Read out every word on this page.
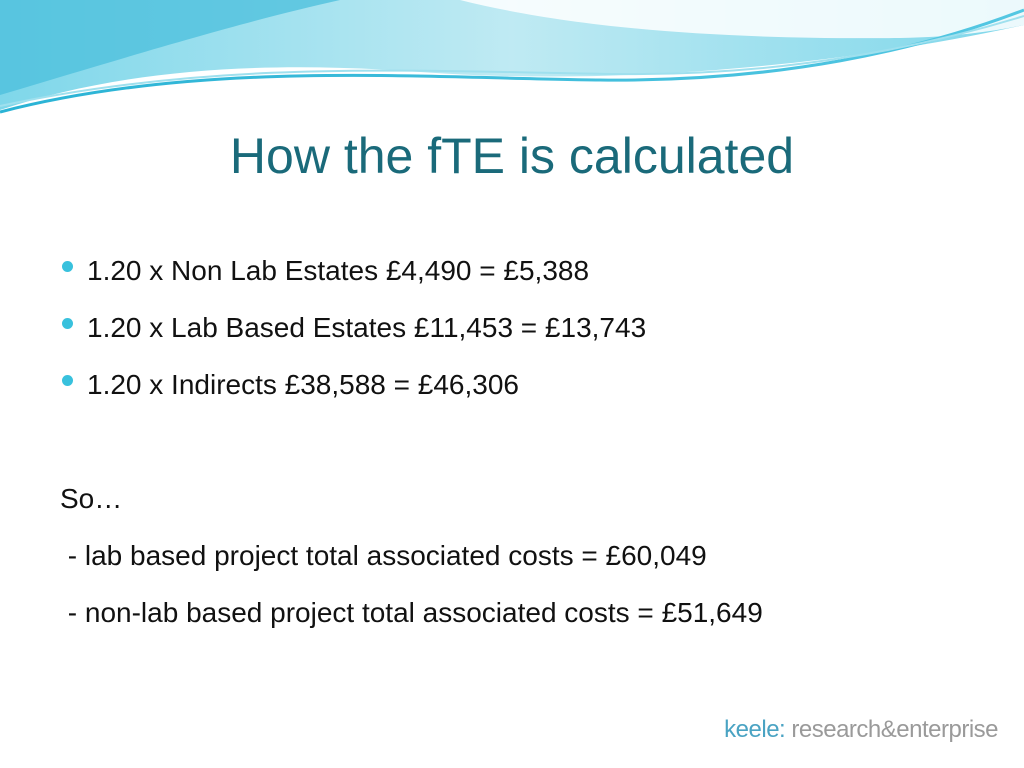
How the fTE is calculated
1.20 x Non Lab Estates £4,490 = £5,388
1.20 x Lab Based Estates £11,453 = £13,743
1.20 x Indirects £38,588 = £46,306
So…
- lab based project total associated costs = £60,049
- non-lab based project total associated costs = £51,649
keele: research&enterprise
